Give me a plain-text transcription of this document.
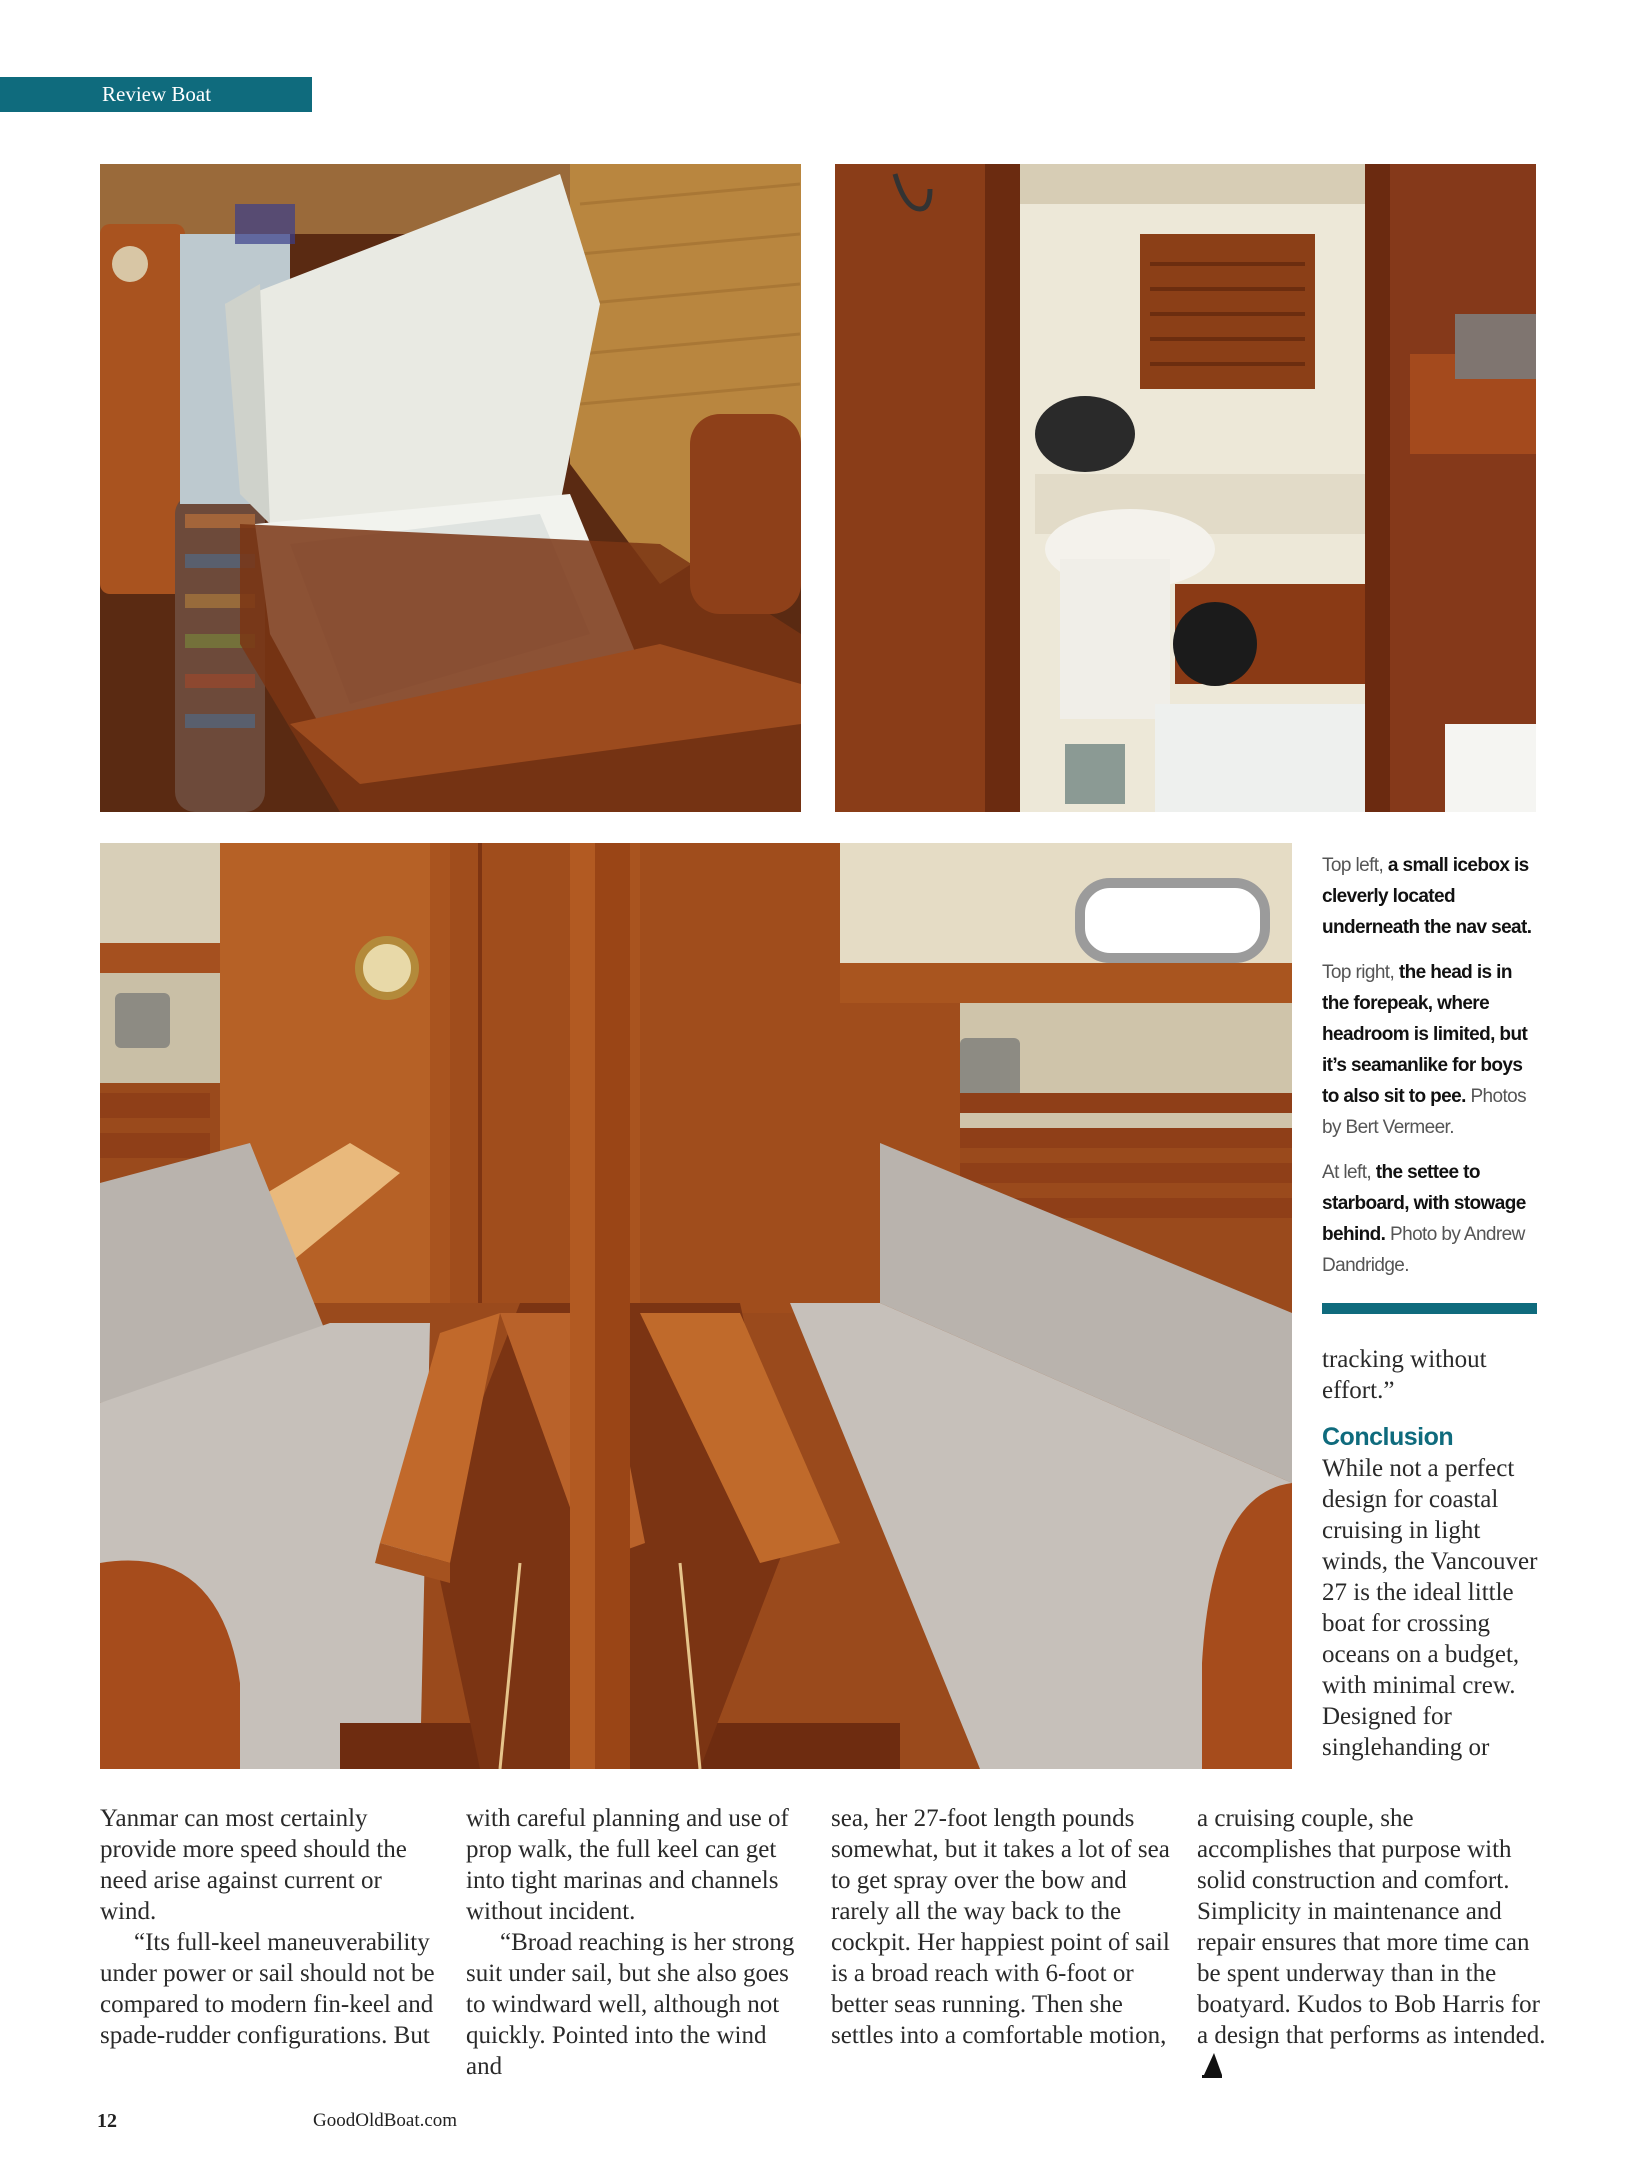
Review Boat

Top left, a small icebox is cleverly located underneath the nav seat.

Top right, the head is in the forepeak, where headroom is limited, but it’s seamanlike for boys to also sit to pee. Photos by Bert Vermeer.

At left, the settee to starboard, with stowage behind. Photo by Andrew Dandridge.

tracking without effort.”

Conclusion

While not a perfect design for coastal cruising in light winds, the Vancouver 27 is the ideal little boat for crossing oceans on a budget, with minimal crew. Designed for singlehanding or

Yanmar can most certainly provide more speed should the need arise against current or wind.

“Its full-keel maneuverability under power or sail should not be compared to modern fin-keel and spade-rudder configurations. But

with careful planning and use of prop walk, the full keel can get into tight marinas and channels without incident.

“Broad reaching is her strong suit under sail, but she also goes to windward well, although not quickly. Pointed into the wind and

sea, her 27-foot length pounds somewhat, but it takes a lot of sea to get spray over the bow and rarely all the way back to the cockpit. Her happiest point of sail is a broad reach with 6-foot or better seas running. Then she settles into a comfortable motion,

a cruising couple, she accomplishes that purpose with solid construction and comfort. Simplicity in maintenance and repair ensures that more time can be spent underway than in the boatyard. Kudos to Bob Harris for a design that performs as intended.

12	GoodOldBoat.com
